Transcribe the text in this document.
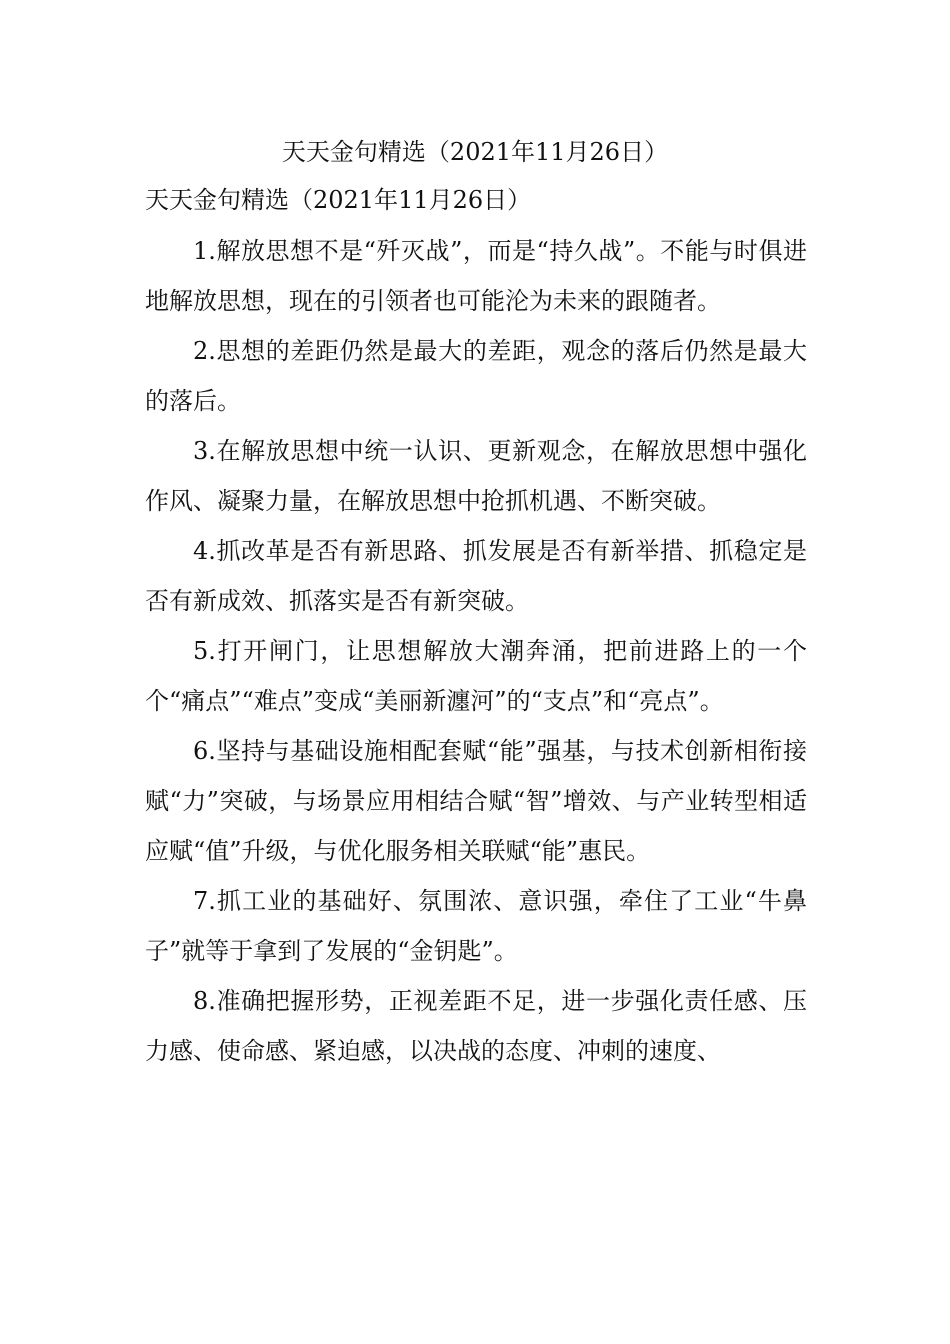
天天金句精选（2021年11月26日）

天天金句精选（2021年11月26日）

1.解放思想不是“歼灭战”，而是“持久战”。不能与时俱进地解放思想，现在的引领者也可能沦为未来的跟随者。

2.思想的差距仍然是最大的差距，观念的落后仍然是最大的落后。

3.在解放思想中统一认识、更新观念，在解放思想中强化作风、凝聚力量，在解放思想中抢抓机遇、不断突破。

4.抓改革是否有新思路、抓发展是否有新举措、抓稳定是否有新成效、抓落实是否有新突破。

5.打开闸门，让思想解放大潮奔涌，把前进路上的一个个“痛点”“难点”变成“美丽新瀍河”的“支点”和“亮点”。

6.坚持与基础设施相配套赋“能”强基，与技术创新相衔接赋“力”突破，与场景应用相结合赋“智”增效、与产业转型相适应赋“值”升级，与优化服务相关联赋“能”惠民。

7.抓工业的基础好、氛围浓、意识强，牵住了工业“牛鼻子”就等于拿到了发展的“金钥匙”。

8.准确把握形势，正视差距不足，进一步强化责任感、压力感、使命感、紧迫感，以决战的态度、冲刺的速度、
